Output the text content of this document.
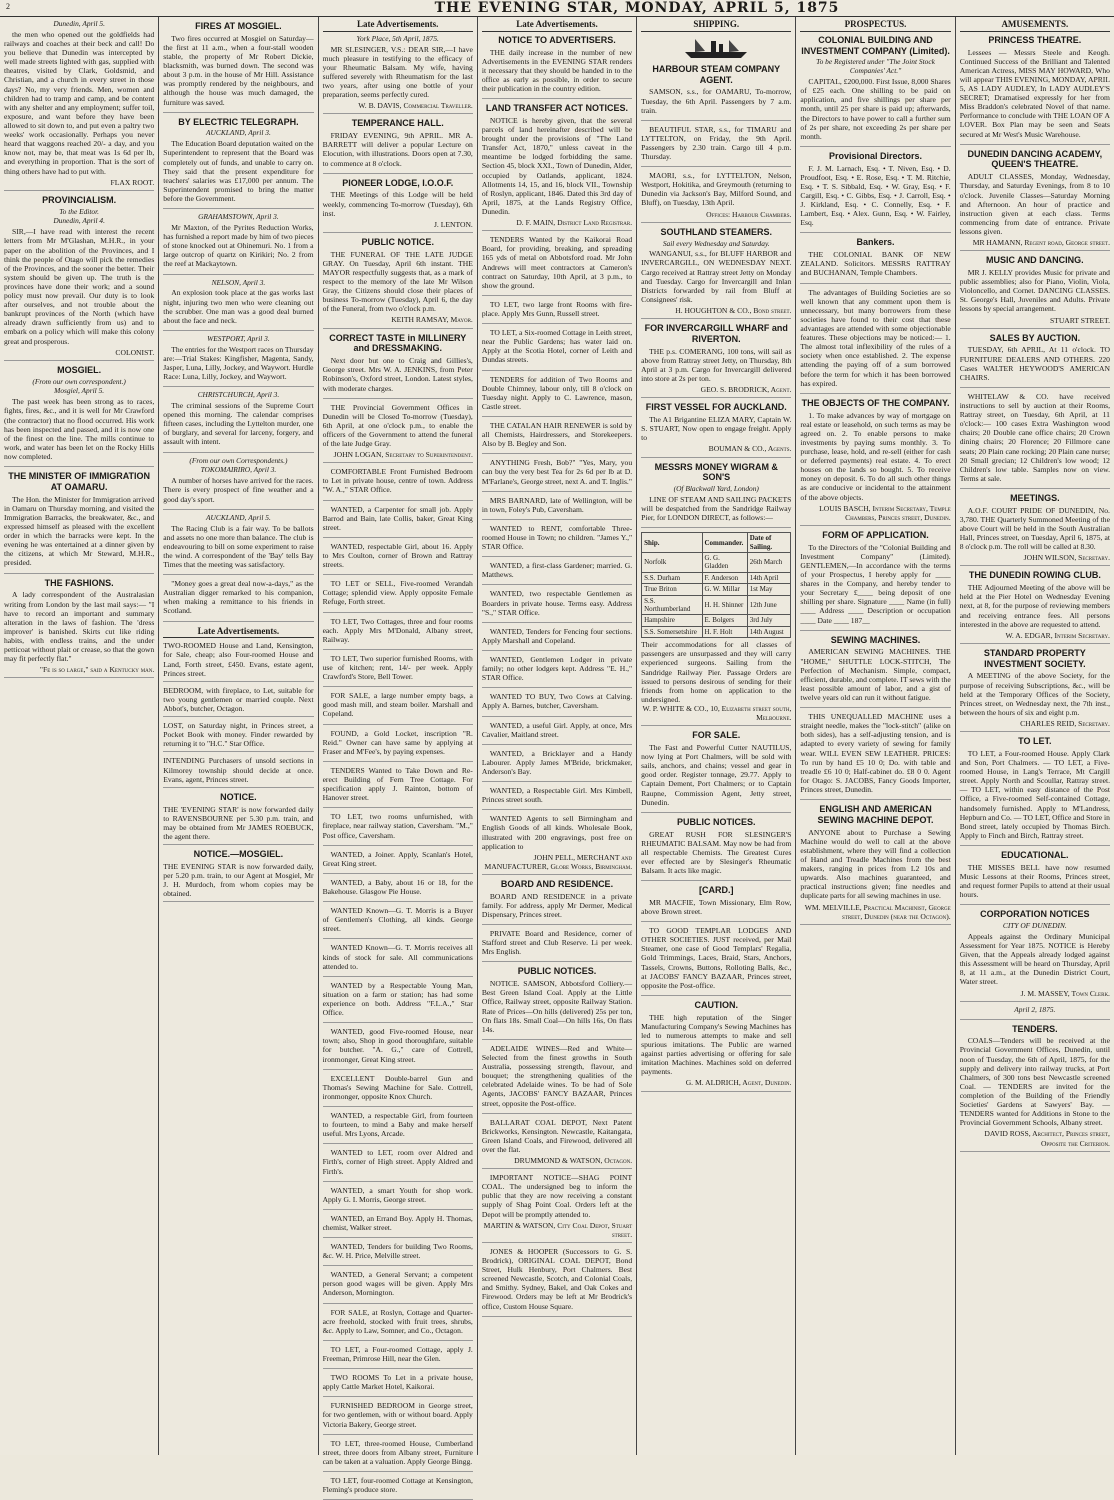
2	THE EVENING STAR, MONDAY, APRIL 5, 1875
Dunedin, April 5.

the men who opened out the goldfields had railways and coaches at their beck and call! Do you believe that Dunedin was intercepted by well made streets lighted with gas, supplied with theatres, visited by Clark, Goldsmid, and Christian, and a church in every street in those days? No, my very friends. Men, women and children had to tramp and camp, and be content with any shelter and any employment; suffer toil, exposure, and want before they have been allowed to sit down to, and put even a paltry two weeks' work occasionally. Perhaps you never heard that waggons reached 20/- a day, and you know not, may be, that meat was 1s 6d per lb, and everything in proportion. That is the sort of thing others have had to put with.

FLAX ROOT.
PROVINCIALISM.
To the Editor.
Dunedin, April 4.

SIR,—I have read with interest the recent letters from Mr M'Glashan, M.H.R., in your paper on the abolition of the Provinces, and I think the people of Otago will pick the remedies of the Provinces, and the sooner the better. Their system should be given up. The truth is the provinces have done their work; and a sound policy must now prevail. Our duty is to look after ourselves, and not trouble about the bankrupt provinces of the North (which have already drawn sufficiently from us) and to embark on a policy which will make this colony great and prosperous.

COLONIST.
MOSGIEL.
(From our own correspondent.)
Mosgiel, April 5.

The past week has been strong as to races, fights, fires, &c., and it is well for Mr Crawford (the contractor) that no flood occurred. His work has been inspected and passed, and it is now one of the finest on the line. The mills continue to work, and water has been let on the Rocky Hills now completed.

THE MINISTER OF IMMIGRATION AT OAMARU.

The Hon. the Minister for Immigration arrived in Oamaru on Thursday morning, and visited the Immigration Barracks, the breakwater, &c., and expressed himself as pleased with the excellent order in which the barracks were kept. In the evening he was entertained at a dinner given by the citizens, at which Mr Steward, M.H.R., presided.

THE FASHIONS.

A lady correspondent of the Australasian writing from London by the last mail says:— "I have to record an important and summary alteration in the laws of fashion. The 'dress improver' is banished. Skirts cut like riding habits, with endless trains, and the under petticoat without plait or crease, so that the gown may fit perfectly flat."

"Fe is so large," said a Kentucky man.
FIRES AT MOSGIEL.

Two fires occurred at Mosgiel on Saturday—the first at 11 a.m., when a four-stall wooden stable, the property of Mr Robert Dickie, blacksmith, was burned down. The second was about 3 p.m. in the house of Mr Hill. Assistance was promptly rendered by the neighbours, and although the house was much damaged, the furniture was saved.

BY ELECTRIC TELEGRAPH.
AUCKLAND, April 3.

The Education Board deputation waited on the Superintendent to represent that the Board was completely out of funds, and unable to carry on. They said that the present expenditure for teachers' salaries was £17,000 per annum. The Superintendent promised to bring the matter before the Government.

GRAHAMSTOWN, April 3.

Mr Maxton, of the Pyrites Reduction Works, has furnished a report made by him of two pieces of stone knocked out at Ohinemuri. No. 1 from a large outcrop of quartz on Kirikiri; No. 2 from the reef at Mackaytown.

NELSON, April 3.

An explosion took place at the gas works last night, injuring two men who were cleaning out the scrubber. One man was a good deal burned about the face and neck.

WESTPORT, April 3.

The entries for the Westport races on Thursday are:—Trial Stakes: Kingfisher, Magenta, Sandy, Jasper, Luna, Lilly, Jockey, and Waywort. Hurdle Race: Luna, Lilly, Jockey, and Waywort.

CHRISTCHURCH, April 3.

The criminal sessions of the Supreme Court opened this morning. The calendar comprises fifteen cases, including the Lyttelton murder, one of burglary, and several for larceny, forgery, and assault with intent.

(From our own Correspondents.)
TOKOMAIRIRO, April 3.

A number of horses have arrived for the races. There is every prospect of fine weather and a good day's sport.

AUCKLAND, April 5.

The Racing Club is a fair way. To be ballots and assets no one more than balance. The club is endeavouring to bill on some experiment to raise the wind. A correspondent of the 'Bay' tells Bay Times that the meeting was satisfactory.

"Money goes a great deal now-a-days," as the Australian digger remarked to his companion, when making a remittance to his friends in Scotland.

Late Advertisements.
TWO-ROOMED House and Land, Kensington, for Sale, cheap; also Four-roomed House and Land, Forth street, £450. Evans, estate agent, Princes street.
BEDROOM, with fireplace, to Let, suitable for two young gentlemen or married couple. Next Abbot's, butcher, Octagon.
LOST, on Saturday night, in Princes street, a Pocket Book with money. Finder rewarded by returning it to "H.C." Star Office.
INTENDING Purchasers of unsold sections in Kilmorey township should decide at once. Evans, agent, Princes street.
NOTICE.
THE 'EVENING STAR' is now forwarded daily to RAVENSBOURNE per 5.30 p.m. train, and may be obtained from Mr JAMES ROEBUCK, the agent there.
NOTICE.—MOSGIEL.
THE EVENING STAR is now forwarded daily, per 5.20 p.m. train, to our Agent at Mosgiel, Mr J. H. Murdoch, from whom copies may be obtained.
Late Advertisements.
York Place, 5th April, 1875.

MR SLESINGER, V.S.: DEAR SIR,—I have much pleasure in testifying to the efficacy of your Rheumatic Balsam. My wife, having suffered severely with Rheumatism for the last two years, after using one bottle of your preparation, seems perfectly cured.

W. B. DAVIS, Commercial Traveller.
TEMPERANCE HALL.

FRIDAY EVENING, 9th APRIL. MR A. BARRETT will deliver a popular Lecture on Elocution, with illustrations. Doors open at 7.30, to commence at 8 o'clock.

PIONEER LODGE, I.O.O.F.

THE Meetings of this Lodge will be held weekly, commencing To-morrow (Tuesday), 6th inst.

J. LENTON.
PUBLIC NOTICE.

THE FUNERAL OF THE LATE JUDGE GRAY. On Tuesday, April 6th instant. THE MAYOR respectfully suggests that, as a mark of respect to the memory of the late Mr Wilson Gray, the Citizens should close their places of business To-morrow (Tuesday), April 6, the day of the Funeral, from two o'clock p.m.

KEITH RAMSAY, Mayor.
CORRECT TASTE in MILLINERY and DRESSMAKING.

Next door but one to Craig and Gillies's, George street. Mrs W. A. JENKINS, from Peter Robinson's, Oxford street, London. Latest styles, with moderate charges.

THE Provincial Government Offices in Dunedin will be Closed To-morrow (Tuesday), 6th April, at one o'clock p.m., to enable the officers of the Government to attend the funeral of the late Judge Gray.

JOHN LOGAN, Secretary to Superintendent.

COMFORTABLE Front Furnished Bedroom to Let in private house, centre of town. Address "W. A.," STAR Office.

WANTED, a Carpenter for small job. Apply Barrod and Bain, late Collis, baker, Great King street.

WANTED, respectable Girl, about 16. Apply to Mrs Coulton, corner of Brown and Rattray streets.

TO LET or SELL, Five-roomed Verandah Cottage; splendid view. Apply opposite Female Refuge, Forth street.

TO LET, Two Cottages, three and four rooms each. Apply Mrs M'Donald, Albany street, Railway.

TO LET, Two superior furnished Rooms, with use of kitchen; rent, 14/- per week. Apply Crawford's Store, Bell Tower.

FOR SALE, a large number empty bags, a good mash mill, and steam boiler. Marshall and Copeland.

FOUND, a Gold Locket, inscription "R. Reid." Owner can have same by applying at Fraser and M'Fee's, by paying expenses.

TENDERS Wanted to Take Down and Re-erect Building of Fern Tree Cottage. For specification apply J. Rainton, bottom of Hanover street.

TO LET, two rooms unfurnished, with fireplace, near railway station, Caversham. "M.," Post office, Caversham.

WANTED, a Joiner. Apply, Scanlan's Hotel, Great King street.

WANTED, a Baby, about 16 or 18, for the Bakehouse. Glasgow Pie House.

WANTED Known—G. T. Morris is a Buyer of Gentlemen's Clothing, all kinds. George street.

WANTED Known—G. T. Morris receives all kinds of stock for sale. All communications attended to.

WANTED by a Respectable Young Man, situation on a farm or station; has had some experience on both. Address "F.L.A.," Star Office.

WANTED, good Five-roomed House, near town; also, Shop in good thoroughfare, suitable for butcher. "A. G.," care of Cottrell, ironmonger, Great King street.

EXCELLENT Double-barrel Gun and Thomas's Sewing Machine for Sale. Cottrell, ironmonger, opposite Knox Church.

WANTED, a respectable Girl, from fourteen to fourteen, to mind a Baby and make herself useful. Mrs Lyons, Arcade.

WANTED to LET, room over Aldred and Firth's, corner of High street. Apply Aldred and Firth's.

WANTED, a smart Youth for shop work. Apply G. I. Morris, George street.

WANTED, an Errand Boy. Apply H. Thomas, chemist, Walker street.

WANTED, Tenders for building Two Rooms, &c. W. H. Price, Melville street.

WANTED, a General Servant; a competent person good wages will be given. Apply Mrs Anderson, Mornington.

FOR SALE, at Roslyn, Cottage and Quarter-acre freehold, stocked with fruit trees, shrubs, &c. Apply to Law, Somner, and Co., Octagon.

TO LET, a Four-roomed Cottage, apply J. Freeman, Primrose Hill, near the Glen.

TWO ROOMS To Let in a private house, apply Cattle Market Hotel, Kaikorai.

FURNISHED BEDROOM in George street, for two gentlemen, with or without board. Apply Victoria Bakery, George street.

TO LET, three-roomed House, Cumberland street, three doors from Albany street, Furniture can be taken at a valuation. Apply George Bingg.

TO LET, four-roomed Cottage at Kensington, Fleming's produce store.

Late Advertisements.
NOTICE TO ADVERTISERS.

THE daily increase in the number of new Advertisements in the EVENING STAR renders it necessary that they should be handed in to the office as early as possible, in order to secure their publication in the country edition.

LAND TRANSFER ACT NOTICES.

NOTICE is hereby given, that the several parcels of land hereinafter described will be brought under the provisions of "The Land Transfer Act, 1870," unless caveat in the meantime be lodged forbidding the same. Section 45, block XXI., Town of Dunedin, Alder, occupied by Oatlands, applicant, 1824. Allotments 14, 15, and 16, block VII., Township of Roslyn, applicant, 1846. Dated this 3rd day of April, 1875, at the Lands Registry Office, Dunedin.

D. F. MAIN, District Land Registrar.

TENDERS Wanted by the Kaikorai Road Board, for providing, breaking, and spreading 165 yds of metal on Abbotsford road. Mr John Andrews will meet contractors at Cameron's contract on Saturday, 10th April, at 3 p.m., to show the ground.

TO LET, two large front Rooms with fire-place. Apply Mrs Gunn, Russell street.

TO LET, a Six-roomed Cottage in Leith street, near the Public Gardens; has water laid on. Apply at the Scotia Hotel, corner of Leith and Dundas streets.

TENDERS for addition of Two Rooms and Double Chimney, labour only, till 8 o'clock on Tuesday night. Apply to C. Lawrence, mason, Castle street.

THE CATALAN HAIR RENEWER is sold by all Chemists, Hairdressers, and Storekeepers. Also by B. Begley and Son.

ANYTHING Fresh, Bob?" "Yes, Mary, you can buy the very best Tea for 2s 6d per lb at D. M'Farlane's, George street, next A. and T. Inglis."

MRS BARNARD, late of Wellington, will be in town, Foley's Pub, Caversham.

WANTED to RENT, comfortable Three-roomed House in Town; no children. "James Y.," STAR Office.

WANTED, a first-class Gardener; married. G. Matthews.

WANTED, two respectable Gentlemen as Boarders in private house. Terms easy. Address "S.," STAR Office.

WANTED, Tenders for Fencing four sections. Apply Marshall and Copeland.

WANTED, Gentlemen Lodger in private family; no other lodgers kept. Address "E. H.," STAR Office.

WANTED TO BUY, Two Cows at Calving. Apply A. Barnes, butcher, Caversham.

WANTED, a useful Girl. Apply, at once, Mrs Cavalier, Maitland street.

WANTED, a Bricklayer and a Handy Labourer. Apply James M'Bride, brickmaker, Anderson's Bay.

WANTED, a Respectable Girl. Mrs Kimbell, Princes street south.

WANTED Agents to sell Birmingham and English Goods of all kinds. Wholesale Book, illustrated with 200 engravings, post free on application to

JOHN PELL, MERCHANT and MANUFACTURER, Globe Works, Birmingham.
BOARD AND RESIDENCE.

BOARD AND RESIDENCE in a private family. For address, apply Mr Dermer, Medical Dispensary, Princes street.

PRIVATE Board and Residence, corner of Stafford street and Club Reserve. Li per week. Mrs English.

PUBLIC NOTICES.

NOTICE. SAMSON, Abbotsford Colliery.—Best Green Island Coal. Apply at the Little Office, Railway street, opposite Railway Station. Rate of Prices—On hills (delivered) 25s per ton, On flats 18s. Small Coal—On hills 16s, On flats 14s.

ADELAIDE WINES—Red and White—Selected from the finest growths in South Australia, possessing strength, flavour, and bouquet; the strengthening qualities of the celebrated Adelaide wines. To be had of Sole Agents, JACOBS' FANCY BAZAAR, Princes street, opposite the Post-office.

BALLARAT COAL DEPOT, Next Patent Brickworks, Kensington. Newcastle, Kaitangata, Green Island Coals, and Firewood, delivered all over the flat.

DRUMMOND & WATSON, Octagon.

IMPORTANT NOTICE—SHAG POINT COAL. The undersigned beg to inform the public that they are now receiving a constant supply of Shag Point Coal. Orders left at the Depot will be promptly attended to.

MARTIN & WATSON, City Coal Depot, Stuart street.

JONES & HOOPER (Successors to G. S. Brodrick), ORIGINAL COAL DEPOT, Bond Street, Hulk Henbury, Port Chalmers. Best screened Newcastle, Scotch, and Colonial Coals, and Smithy. Sydney, Bakel, and Oak Cokes and Firewood. Orders may be left at Mr Brodrick's office, Custom House Square.

SHIPPING.
HARBOUR STEAM COMPANY AGENT.

SAMSON, s.s., for OAMARU, To-morrow, Tuesday, the 6th April. Passengers by 7 a.m. train.

BEAUTIFUL STAR, s.s., for TIMARU and LYTTELTON, on Friday, the 9th April. Passengers by 2.30 train. Cargo till 4 p.m. Thursday.

MAORI, s.s., for LYTTELTON, Nelson, Westport, Hokitika, and Greymouth (returning to Dunedin via Jackson's Bay, Milford Sound, and Bluff), on Tuesday, 13th April.

Offices: Harbour Chambers.
SOUTHLAND STEAMERS.
Sail every Wednesday and Saturday.

WANGANUI, s.s., for BLUFF HARBOR and INVERCARGILL, ON WEDNESDAY NEXT. Cargo received at Rattray street Jetty on Monday and Tuesday. Cargo for Invercargill and Inlan Districts forwarded by rail from Bluff at Consignees' risk.

H. HOUGHTON & CO., Bond street.
FOR INVERCARGILL WHARF and RIVERTON.

THE p.s. COMERANG, 100 tons, will sail as above from Rattray street Jetty, on Thursday, 8th April at 3 p.m. Cargo for Invercargill delivered into store at 2s per ton.

GEO. S. BRODRICK, Agent.
FIRST VESSEL FOR AUCKLAND.

The A1 Brigantine ELIZA MARY, Captain W. S. STUART, Now open to engage freight. Apply to

BOUMAN & CO., Agents.
MESSRS MONEY WIGRAM & SON'S
(Of Blackwall Yard, London)

LINE OF STEAM AND SAILING PACKETS will be despatched from the Sandridge Railway Pier, for LONDON DIRECT, as follows:—

Ship.	Commander.	Date of Sailing.
Norfolk	G. G. Gladden	26th March
S.S. Durham	F. Anderson	14th April
True Briton	G. W. Millar	1st May
S.S. Northumberland	H. H. Shinner	12th June
Hampshire	E. Bolgers	3rd July
S.S. Somersetshire	H. F. Holt	14th August
Their accommodations for all classes of passengers are unsurpassed and they will carry experienced surgeons. Sailing from the Sandridge Railway Pier. Passage Orders are issued to persons desirous of sending for their friends from home on application to the undersigned.
W. P. WHITE & CO., 10, Elizabeth street south, Melbourne.
FOR SALE.

The Fast and Powerful Cutter NAUTILUS, now lying at Port Chalmers, will be sold with sails, anchors, and chains; vessel and gear in good order. Register tonnage, 29.77. Apply to Captain Dement, Port Chalmers; or to Captain Raupne, Commission Agent, Jetty street, Dunedin.

PUBLIC NOTICES.

GREAT RUSH FOR SLESINGER'S RHEUMATIC BALSAM. May now be had from all respectable Chemists. The Greatest Cures ever effected are by Slesinger's Rheumatic Balsam. It acts like magic.

[CARD.]

MR MACFIE, Town Missionary, Elm Row, above Brown street.

TO GOOD TEMPLAR LODGES AND OTHER SOCIETIES. JUST received, per Mail Steamer, one case of Good Templars' Regalia, Gold Trimmings, Laces, Braid, Stars, Anchors, Tassels, Crowns, Buttons, Rolloting Balls, &c., at JACOBS' FANCY BAZAAR, Princes street, opposite the Post-office.

CAUTION.

THE high reputation of the Singer Manufacturing Company's Sewing Machines has led to numerous attempts to make and sell spurious imitations. The Public are warned against parties advertising or offering for sale imitation Machines. Machines sold on deferred payments.

G. M. ALDRICH, Agent, Dunedin.
PROSPECTUS.
COLONIAL BUILDING AND INVESTMENT COMPANY (Limited).
To be Registered under "The Joint Stock Companies' Act."

CAPITAL, £200,000. First Issue, 8,000 Shares of £25 each. One shilling to be paid on application, and five shillings per share per month, until 25 per share is paid up; afterwards, the Directors to have power to call a further sum of 2s per share, not exceeding 2s per share per month.

Provisional Directors.

F. J. M. Larnach, Esq. • T. Niven, Esq. • D. Proudfoot, Esq. • E. Rose, Esq. • T. M. Ritchie, Esq. • T. S. Sibbald, Esq. • W. Gray, Esq. • F. Cargill, Esq. • C. Gibbs, Esq. • J. Carroll, Esq. • J. Kirkland, Esq. • C. Connelly, Esq. • F. Lambert, Esq. • Alex. Gunn, Esq. • W. Fairley, Esq.

Bankers.

THE COLONIAL BANK OF NEW ZEALAND. Solicitors. MESSRS RATTRAY and BUCHANAN, Temple Chambers.

The advantages of Building Societies are so well known that any comment upon them is unnecessary, but many borrowers from these societies have found to their cost that these advantages are attended with some objectionable features. These objections may be noticed:— 1. The almost total inflexibility of the rules of a society when once established. 2. The expense attending the paying off of a sum borrowed before the term for which it has been borrowed has expired.

THE OBJECTS OF THE COMPANY.

1. To make advances by way of mortgage on real estate or leasehold, on such terms as may be agreed on. 2. To enable persons to make investments by paying sums monthly. 3. To purchase, lease, hold, and re-sell (either for cash or deferred payments) real estate. 4. To erect houses on the lands so bought. 5. To receive money on deposit. 6. To do all such other things as are conducive or incidental to the attainment of the above objects.

LOUIS BASCH, Interim Secretary, Temple Chambers, Princes street, Dunedin.
FORM OF APPLICATION.

To the Directors of the "Colonial Building and Investment Company" (Limited). GENTLEMEN,—In accordance with the terms of your Prospectus, I hereby apply for ____ shares in the Company, and hereby tender to your Secretary £____ being deposit of one shilling per share. Signature ____ Name (in full) ____ Address ____ Description or occupation ____ Date ____ 187__

SEWING MACHINES.

AMERICAN SEWING MACHINES. THE "HOME," SHUTTLE LOCK-STITCH, The Perfection of Mechanism. Simple, compact, efficient, durable, and complete. IT sews with the least possible amount of labor, and a gist of twelve years old can run it without fatigue.

THIS UNEQUALLED MACHINE uses a straight needle, makes the "lock-stitch" (alike on both sides), has a self-adjusting tension, and is adapted to every variety of sewing for family wear. WILL EVEN SEW LEATHER. PRICES: To run by hand £5 10 0; Do. with table and treadle £6 10 0; Half-cabinet do. £8 0 0. Agent for Otago: S. JACOBS, Fancy Goods Importer, Princes street, Dunedin.

ENGLISH AND AMERICAN SEWING MACHINE DEPOT.

ANYONE about to Purchase a Sewing Machine would do well to call at the above establishment, where they will find a collection of Hand and Treadle Machines from the best makers, ranging in prices from L2 10s and upwards. Also machines guaranteed, and practical instructions given; fine needles and duplicate parts for all sewing machines in use.

WM. MELVILLE, Practical Machinist, George street, Dunedin (near the Octagon).
AMUSEMENTS.
PRINCESS THEATRE.

Lessees — Messrs Steele and Keogh. Continued Success of the Brilliant and Talented American Actress, MISS MAY HOWARD, Who will appear THIS EVENING, MONDAY, APRIL 5, AS LADY AUDLEY, In LADY AUDLEY'S SECRET; Dramatised expressly for her from Miss Braddon's celebrated Novel of that name. Performance to conclude with THE LOAN OF A LOVER. Box Plan may be seen and Seats secured at Mr West's Music Warehouse.

DUNEDIN DANCING ACADEMY, QUEEN'S THEATRE.

ADULT CLASSES, Monday, Wednesday, Thursday, and Saturday Evenings, from 8 to 10 o'clock. Juvenile Classes—Saturday Morning and Afternoon. An hour of practice and instruction given at each class. Terms commencing from date of entrance. Private lessons given.

MR HAMANN, Regent road, George street.
MUSIC AND DANCING.

MR J. KELLY provides Music for private and public assemblies; also for Piano, Violin, Viola, Violoncello, and Cornet. DANCING CLASSES. St. George's Hall, Juveniles and Adults. Private lessons by special arrangement.

STUART STREET.
SALES BY AUCTION.

TUESDAY, 6th APRIL, At 11 o'clock. TO FURNITURE DEALERS AND OTHERS. 220 Cases WALTER HEYWOOD'S AMERICAN CHAIRS.

WHITELAW & CO. have received instructions to sell by auction at their Rooms, Rattray street, on Tuesday, 6th April, at 11 o'clock:— 100 cases Extra Washington wood chairs; 20 Double cane office chairs; 20 Crown dining chairs; 20 Florence; 20 Fillmore cane seats; 20 Plain cane rocking; 20 Plain cane nurse; 20 Small grecian; 12 Children's low wood; 12 Children's low table. Samples now on view. Terms at sale.

MEETINGS.

A.O.F. COURT PRIDE OF DUNEDIN, No. 3,780. THE Quarterly Summoned Meeting of the above Court will be held in the South Australian Hall, Princes street, on Tuesday, April 6, 1875, at 8 o'clock p.m. The roll will be called at 8.30.

JOHN WILSON, Secretary.
THE DUNEDIN ROWING CLUB.

THE Adjourned Meeting of the above will be held at the Pier Hotel on Wednesday Evening next, at 8, for the purpose of reviewing members and receiving entrance fees. All persons interested in the above are requested to attend.

W. A. EDGAR, Interim Secretary.
STANDARD PROPERTY INVESTMENT SOCIETY.

A MEETING of the above Society, for the purpose of receiving Subscriptions, &c., will be held at the Temporary Offices of the Society, Princes street, on Wednesday next, the 7th inst., between the hours of six and eight p.m.

CHARLES REID, Secretary.
TO LET.

TO LET, a Four-roomed House. Apply Clark and Son, Port Chalmers. — TO LET, a Five-roomed House, in Lang's Terrace, Mt Cargill street. Apply North and Scoullar, Rattray street. — TO LET, within easy distance of the Post Office, a Five-roomed Self-contained Cottage, handsomely furnished. Apply to M'Landress, Hepburn and Co. — TO LET, Office and Store in Bond street, lately occupied by Thomas Birch. Apply to Finch and Birch, Rattray street.

EDUCATIONAL.

THE MISSES BELL have now resumed Music Lessons at their Rooms, Princes street, and request former Pupils to attend at their usual hours.

CORPORATION NOTICES
CITY OF DUNEDIN.

Appeals against the Ordinary Municipal Assessment for Year 1875. NOTICE is Hereby Given, that the Appeals already lodged against this Assessment will be heard on Thursday, April 8, at 11 a.m., at the Dunedin District Court, Water street.

J. M. MASSEY, Town Clerk.
April 2, 1875.
TENDERS.

COALS—Tenders will be received at the Provincial Government Offices, Dunedin, until noon of Tuesday, the 6th of April, 1875, for the supply and delivery into railway trucks, at Port Chalmers, of 300 tons best Newcastle screened Coal. — TENDERS are invited for the completion of the Building of the Friendly Societies' Gardens at Sawyers' Bay. — TENDERS wanted for Additions in Stone to the Provincial Government Schools, Albany street.

DAVID ROSS, Architect, Princes street, Opposite the Criterion.
